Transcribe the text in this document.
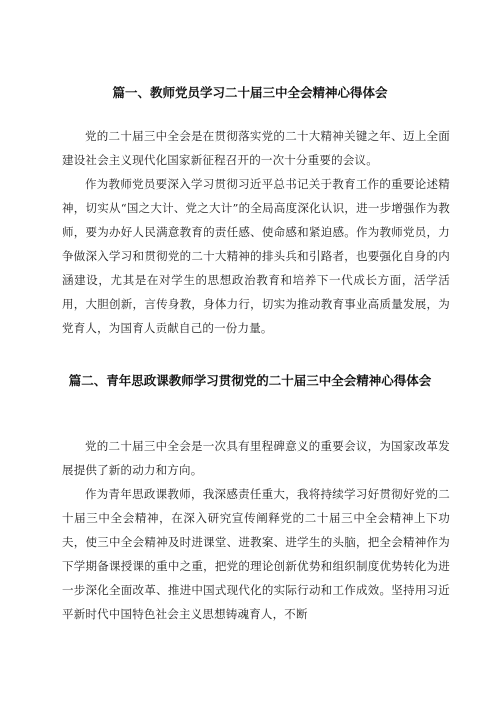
篇一、教师党员学习二十届三中全会精神心得体会

党的二十届三中全会是在贯彻落实党的二十大精神关键之年、迈上全面建设社会主义现代化国家新征程召开的一次十分重要的会议。

作为教师党员要深入学习贯彻习近平总书记关于教育工作的重要论述精神，切实从“国之大计、党之大计”的全局高度深化认识，进一步增强作为教师，要为办好人民满意教育的责任感、使命感和紧迫感。作为教师党员，力争做深入学习和贯彻党的二十大精神的排头兵和引路者，也要强化自身的内涵建设，尤其是在对学生的思想政治教育和培养下一代成长方面，活学活用，大胆创新，言传身教，身体力行，切实为推动教育事业高质量发展，为党育人，为国育人贡献自己的一份力量。

篇二、青年思政课教师学习贯彻党的二十届三中全会精神心得体会

党的二十届三中全会是一次具有里程碑意义的重要会议，为国家改革发展提供了新的动力和方向。

作为青年思政课教师，我深感责任重大，我将持续学习好贯彻好党的二十届三中全会精神，在深入研究宣传阐释党的二十届三中全会精神上下功夫，使三中全会精神及时进课堂、进教案、进学生的头脑，把全会精神作为下学期备课授课的重中之重，把党的理论创新优势和组织制度优势转化为进一步深化全面改革、推进中国式现代化的实际行动和工作成效。坚持用习近平新时代中国特色社会主义思想铸魂育人，不断
